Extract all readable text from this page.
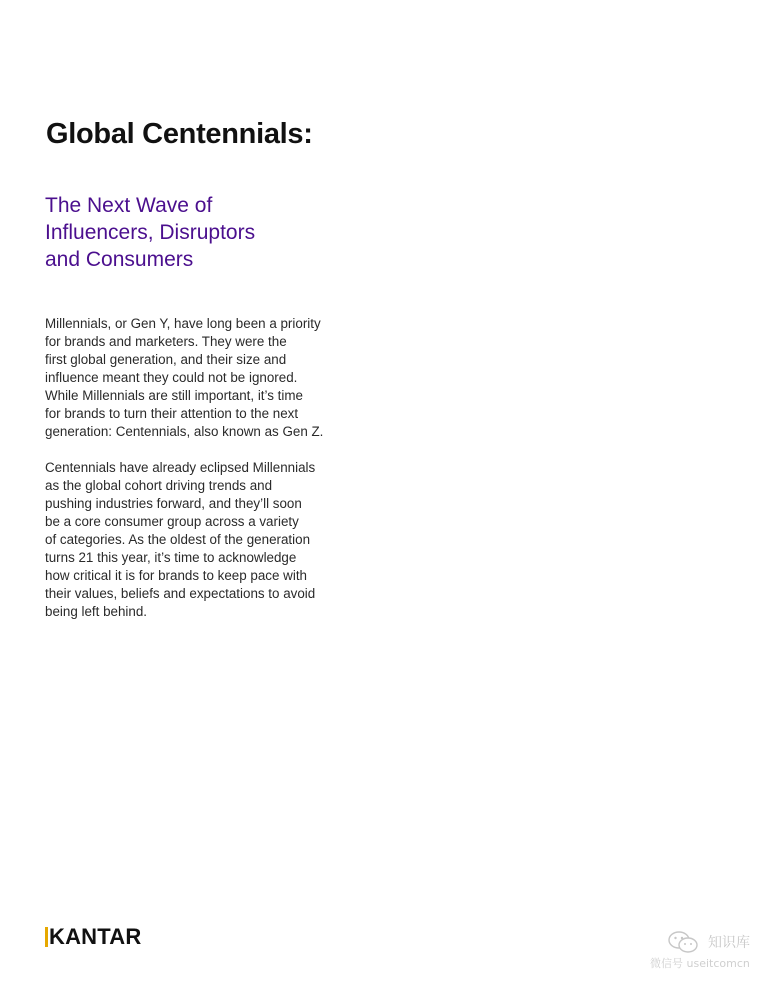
Global Centennials:
The Next Wave of
Influencers, Disruptors
and Consumers

Millennials, or Gen Y, have long been a priority
for brands and marketers. They were the
first global generation, and their size and
influence meant they could not be ignored.
While Millennials are still important, it’s time
for brands to turn their attention to the next
generation: Centennials, also known as Gen Z.

Centennials have already eclipsed Millennials
as the global cohort driving trends and
pushing industries forward, and they’ll soon
be a core consumer group across a variety
of categories. As the oldest of the generation
turns 21 this year, it’s time to acknowledge
how critical it is for brands to keep pace with
their values, beliefs and expectations to avoid
being left behind.

KANTAR	知识库
微信号 useitcomcn
